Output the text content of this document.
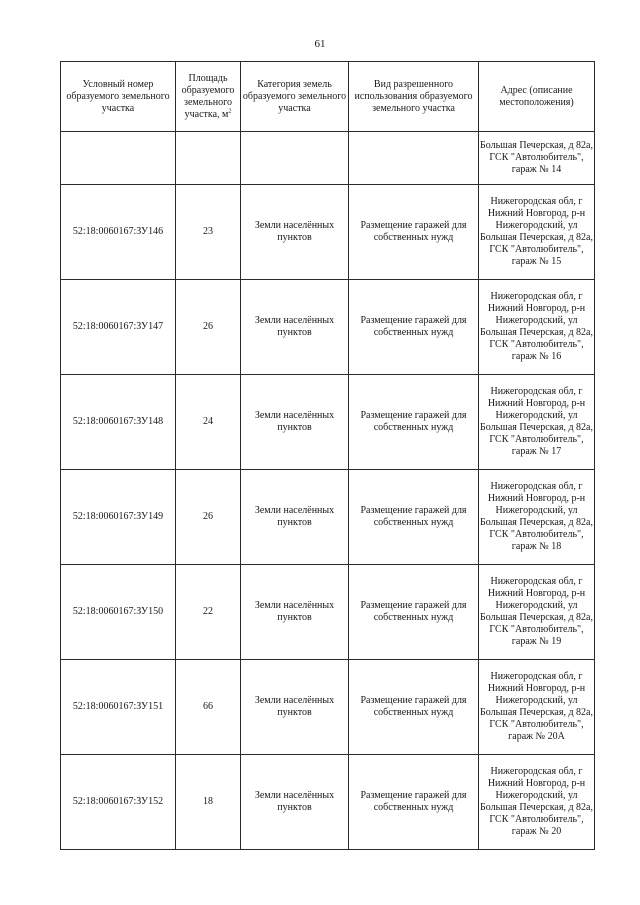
61
Условный номер образуемого земельного участка	Площадь образуемого земельного участка, $м^2$	Категория земель образуемого земельного участка	Вид разрешенного использования образуемого земельного участка	Адрес (описание местоположения)
				Большая Печерская, д 82а, ГСК "Автолюбитель", гараж № 14
52:18:0060167:ЗУ146	23	Земли населённых пунктов	Размещение гаражей для собственных нужд	Нижегородская обл, г Нижний Новгород, р-н Нижегородский, ул Большая Печерская, д 82а, ГСК "Автолюбитель", гараж № 15
52:18:0060167:ЗУ147	26	Земли населённых пунктов	Размещение гаражей для собственных нужд	Нижегородская обл, г Нижний Новгород, р-н Нижегородский, ул Большая Печерская, д 82а, ГСК "Автолюбитель", гараж № 16
52:18:0060167:ЗУ148	24	Земли населённых пунктов	Размещение гаражей для собственных нужд	Нижегородская обл, г Нижний Новгород, р-н Нижегородский, ул Большая Печерская, д 82а, ГСК "Автолюбитель", гараж № 17
52:18:0060167:ЗУ149	26	Земли населённых пунктов	Размещение гаражей для собственных нужд	Нижегородская обл, г Нижний Новгород, р-н Нижегородский, ул Большая Печерская, д 82а, ГСК "Автолюбитель", гараж № 18
52:18:0060167:ЗУ150	22	Земли населённых пунктов	Размещение гаражей для собственных нужд	Нижегородская обл, г Нижний Новгород, р-н Нижегородский, ул Большая Печерская, д 82а, ГСК "Автолюбитель", гараж № 19
52:18:0060167:ЗУ151	66	Земли населённых пунктов	Размещение гаражей для собственных нужд	Нижегородская обл, г Нижний Новгород, р-н Нижегородский, ул Большая Печерская, д 82а, ГСК "Автолюбитель", гараж № 20А
52:18:0060167:ЗУ152	18	Земли населённых пунктов	Размещение гаражей для собственных нужд	Нижегородская обл, г Нижний Новгород, р-н Нижегородский, ул Большая Печерская, д 82а, ГСК "Автолюбитель", гараж № 20
